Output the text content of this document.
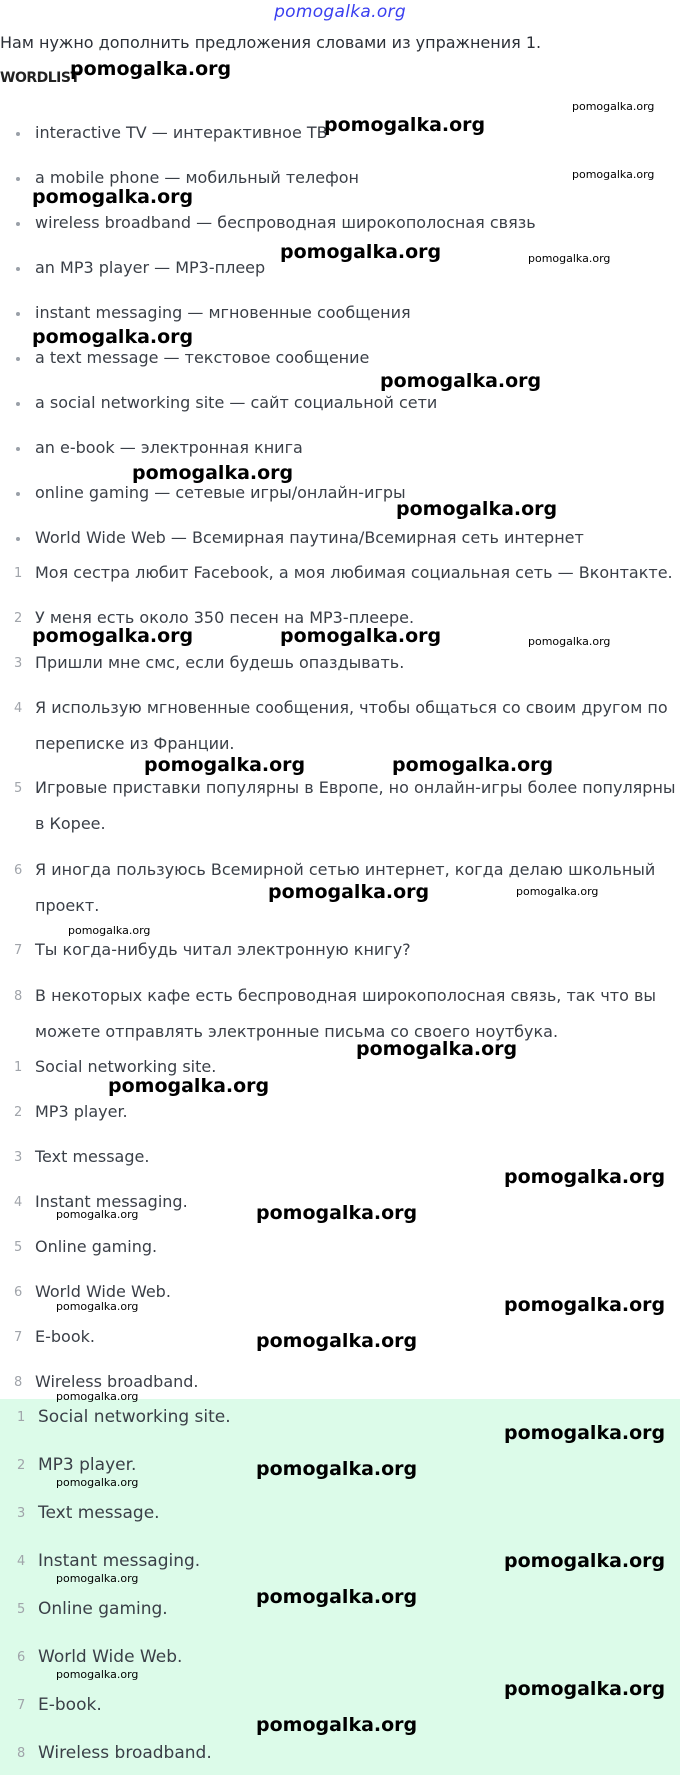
pomogalka.org
Нам нужно дополнить предложения словами из упражнения 1.
WORDLIST
interactive TV — интерактивное ТВ
a mobile phone — мобильный телефон
wireless broadband — беспроводная широкополосная связь
an MP3 player — MP3-плеер
instant messaging — мгновенные сообщения
a text message — текстовое сообщение
a social networking site — сайт социальной сети
an e-book — электронная книга
online gaming — сетевые игры/онлайн-игры
World Wide Web — Всемирная паутина/Всемирная сеть интернет
1 Моя сестра любит Facebook, а моя любимая социальная сеть — Вконтакте.
2 У меня есть около 350 песен на MP3-плеере.
3 Пришли мне смс, если будешь опаздывать.
4 Я использую мгновенные сообщения, чтобы общаться со своим другом по переписке из Франции.
5 Игровые приставки популярны в Европе, но онлайн-игры более популярны в Корее.
6 Я иногда пользуюсь Всемирной сетью интернет, когда делаю школьный проект.
7 Ты когда-нибудь читал электронную книгу?
8 В некоторых кафе есть беспроводная широкополосная связь, так что вы можете отправлять электронные письма со своего ноутбука.
1 Social networking site.
2 MP3 player.
3 Text message.
4 Instant messaging.
5 Online gaming.
6 World Wide Web.
7 E-book.
8 Wireless broadband.
1 Social networking site.
2 MP3 player.
3 Text message.
4 Instant messaging.
5 Online gaming.
6 World Wide Web.
7 E-book.
8 Wireless broadband.
pomogalka.org
pomogalka.org
pomogalka.org
pomogalka.org
pomogalka.org
pomogalka.org	pomogalka.org
pomogalka.org
pomogalka.org
pomogalka.org
pomogalka.org
pomogalka.org	pomogalka.org	pomogalka.org
pomogalka.org	pomogalka.org
pomogalka.org	pomogalka.org
pomogalka.org
pomogalka.org
pomogalka.org
pomogalka.org
pomogalka.org	pomogalka.org
pomogalka.org
pomogalka.org
pomogalka.org
pomogalka.org
pomogalka.org
pomogalka.org
pomogalka.org
pomogalka.org
pomogalka.org
pomogalka.org
pomogalka.org
pomogalka.org
pomogalka.org
